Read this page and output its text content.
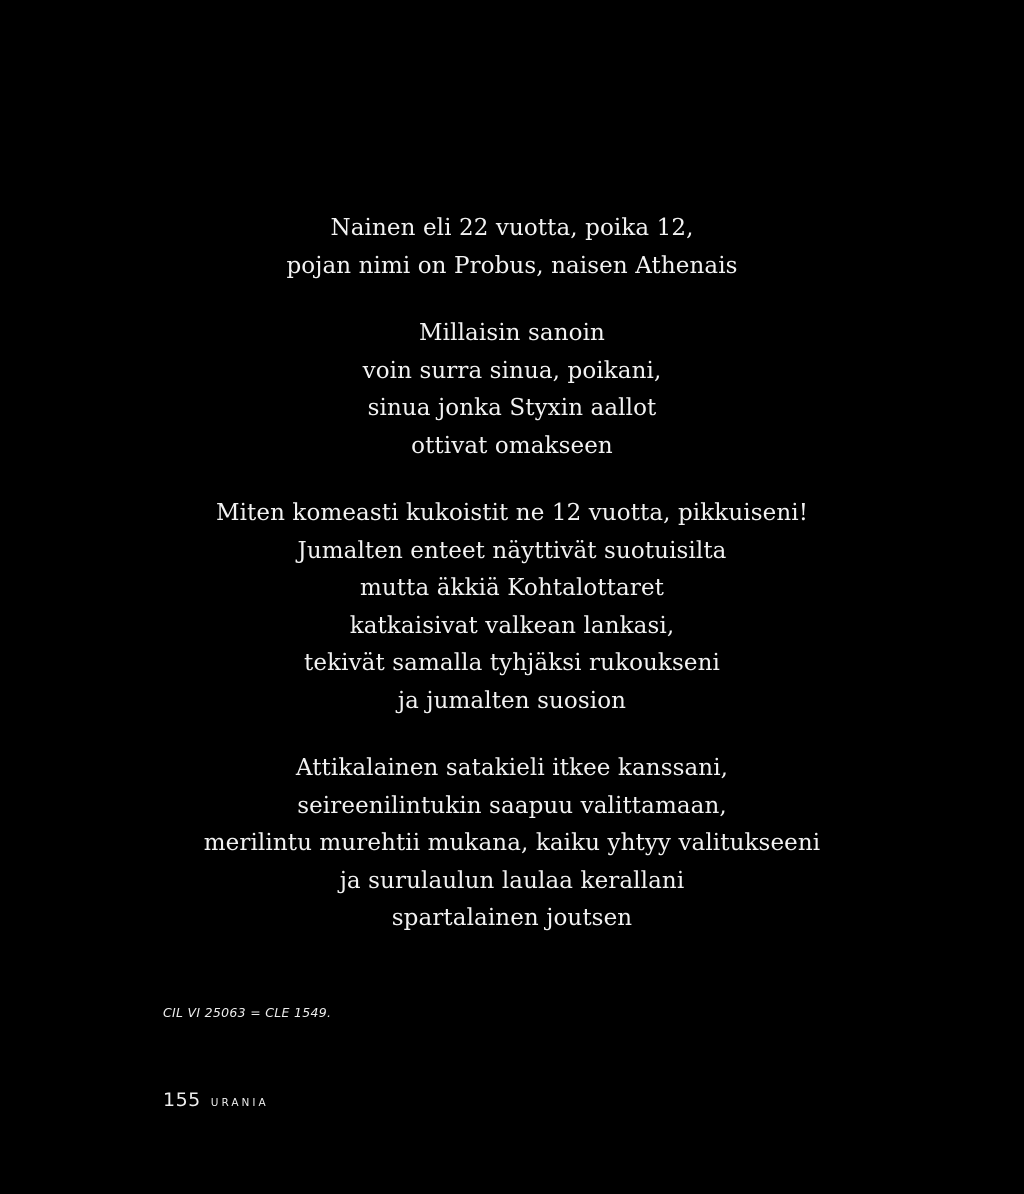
Nainen eli 22 vuotta, poika 12,
pojan nimi on Probus, naisen Athenais
Millaisin sanoin
voin surra sinua, poikani,
sinua jonka Styxin aallot
ottivat omakseen
Miten komeasti kukoistit ne 12 vuotta, pikkuiseni!
Jumalten enteet näyttivät suotuisilta
mutta äkkiä Kohtalottaret
katkaisivat valkean lankasi,
tekivät samalla tyhjäksi rukoukseni
ja jumalten suosion
Attikalainen satakieli itkee kanssani,
seireenilintukin saapuu valittamaan,
merilintu murehtii mukana, kaiku yhtyy valitukseeni
ja surulaulun laulaa kerallani
spartalainen joutsen
CIL VI 25063 = CLE 1549.
155 URANIA
